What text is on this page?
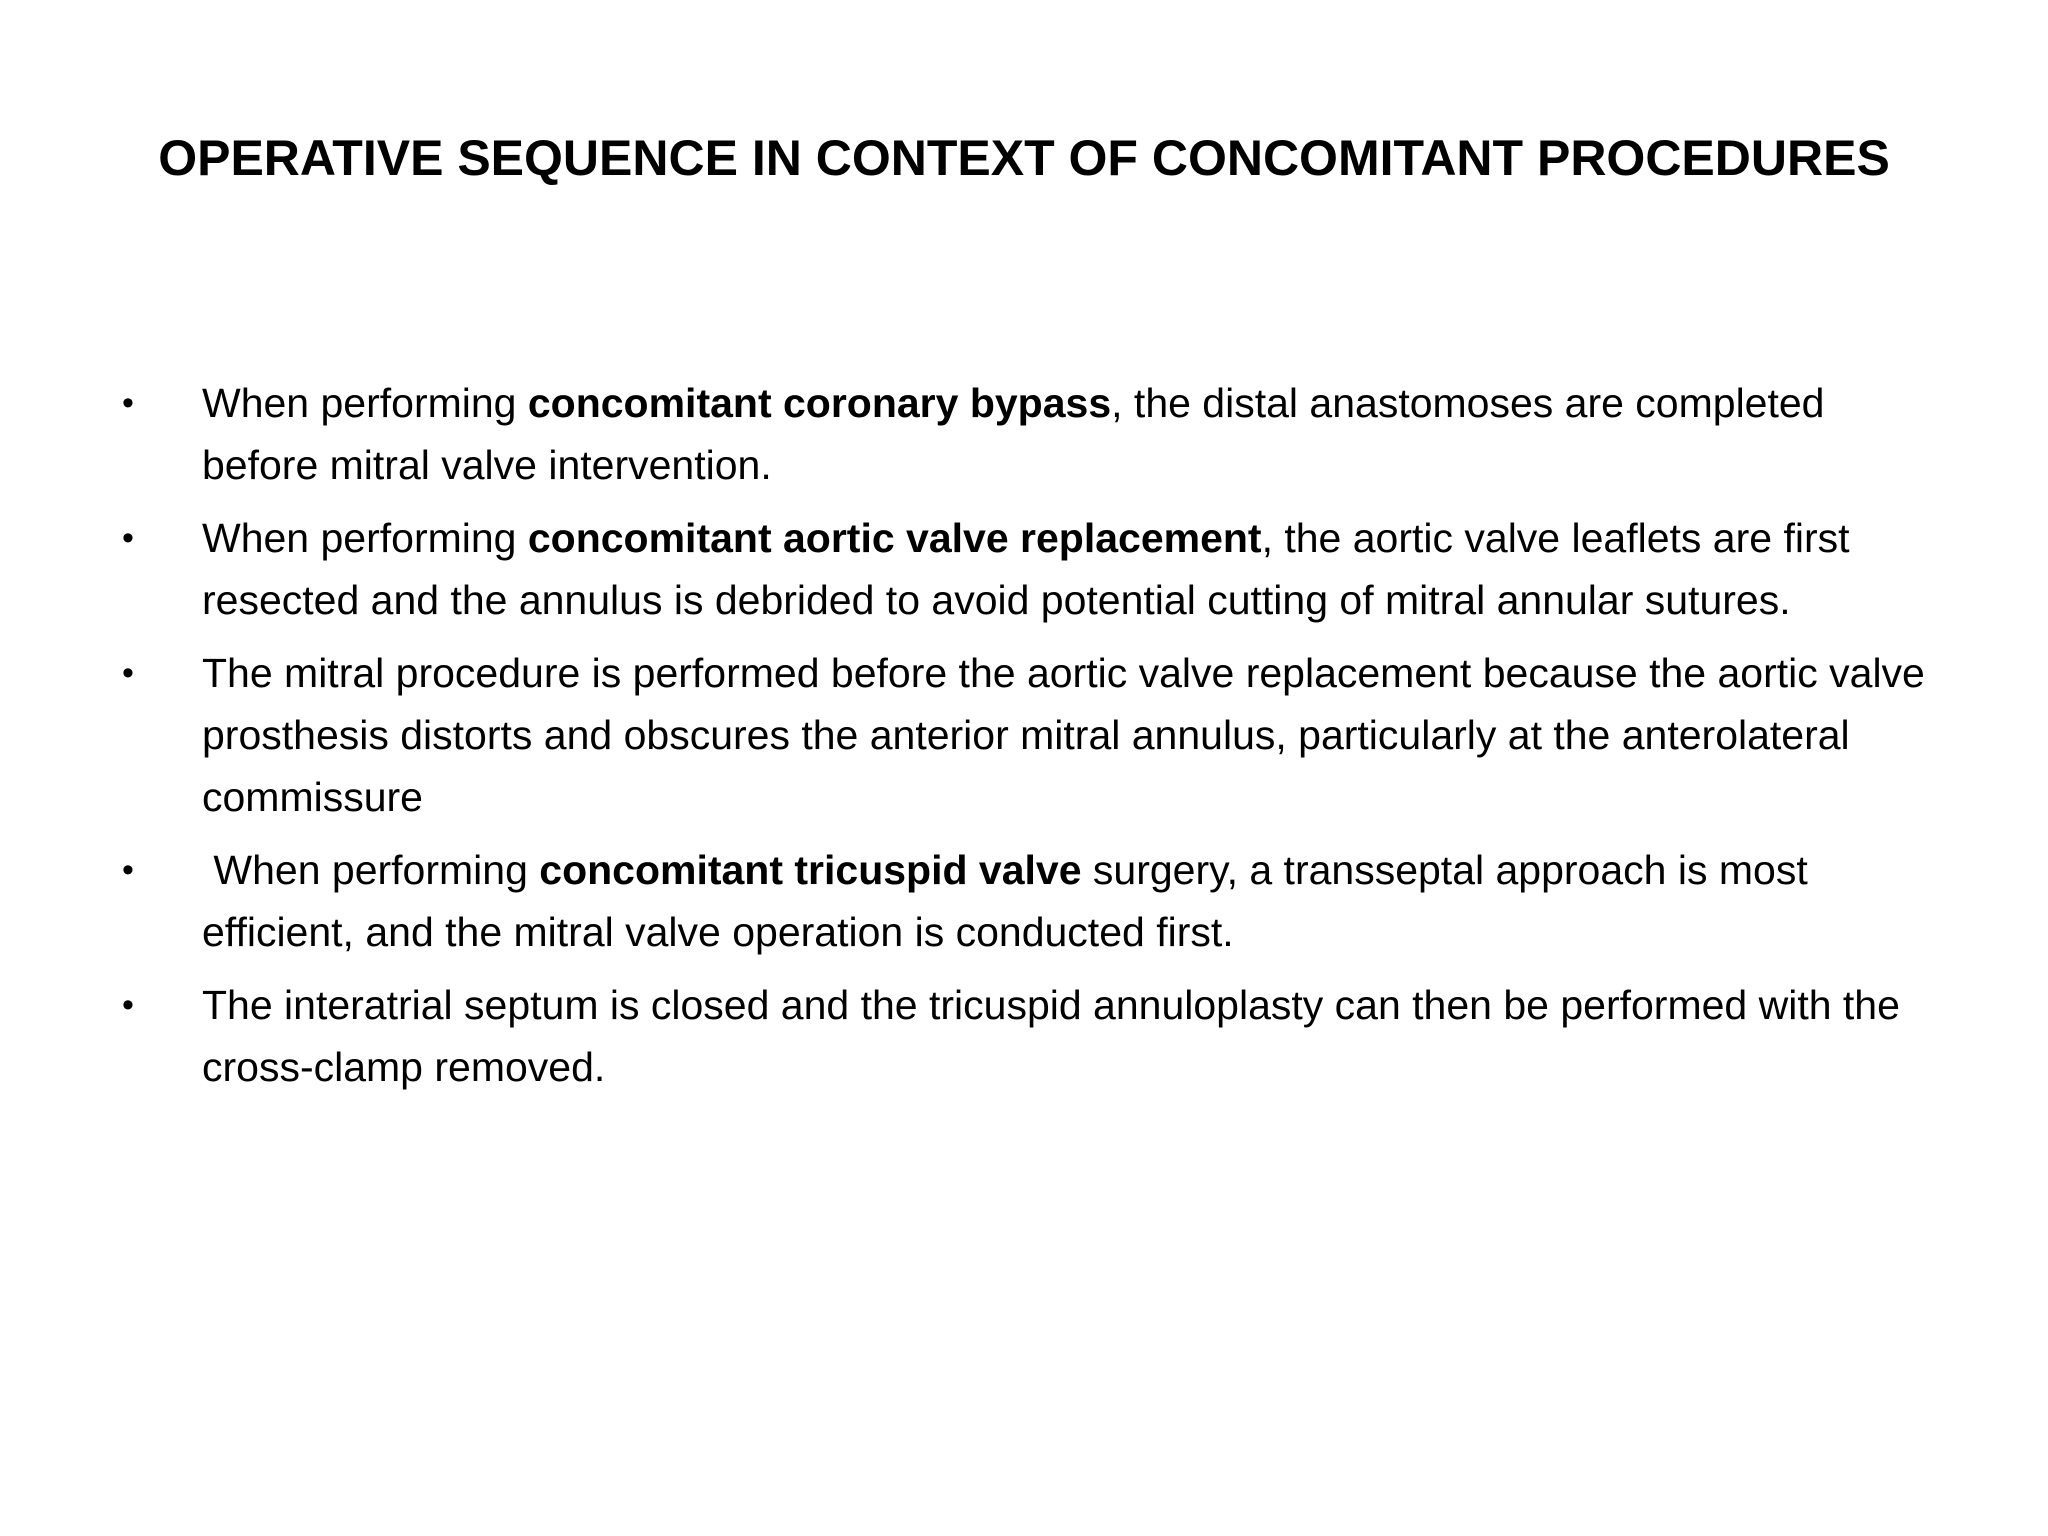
OPERATIVE SEQUENCE IN CONTEXT OF CONCOMITANT PROCEDURES
•	When performing concomitant coronary bypass, the distal anastomoses are completed before mitral valve intervention.
•	When performing concomitant aortic valve replacement, the aortic valve leaflets are first resected and the annulus is debrided to avoid potential cutting of mitral annular sutures.
•	The mitral procedure is performed before the aortic valve replacement because the aortic valve prosthesis distorts and obscures the anterior mitral annulus, particularly at the anterolateral commissure
•	When performing concomitant tricuspid valve surgery, a transseptal approach is most efficient, and the mitral valve operation is conducted first.
•	The interatrial septum is closed and the tricuspid annuloplasty can then be performed with the cross-clamp removed.
